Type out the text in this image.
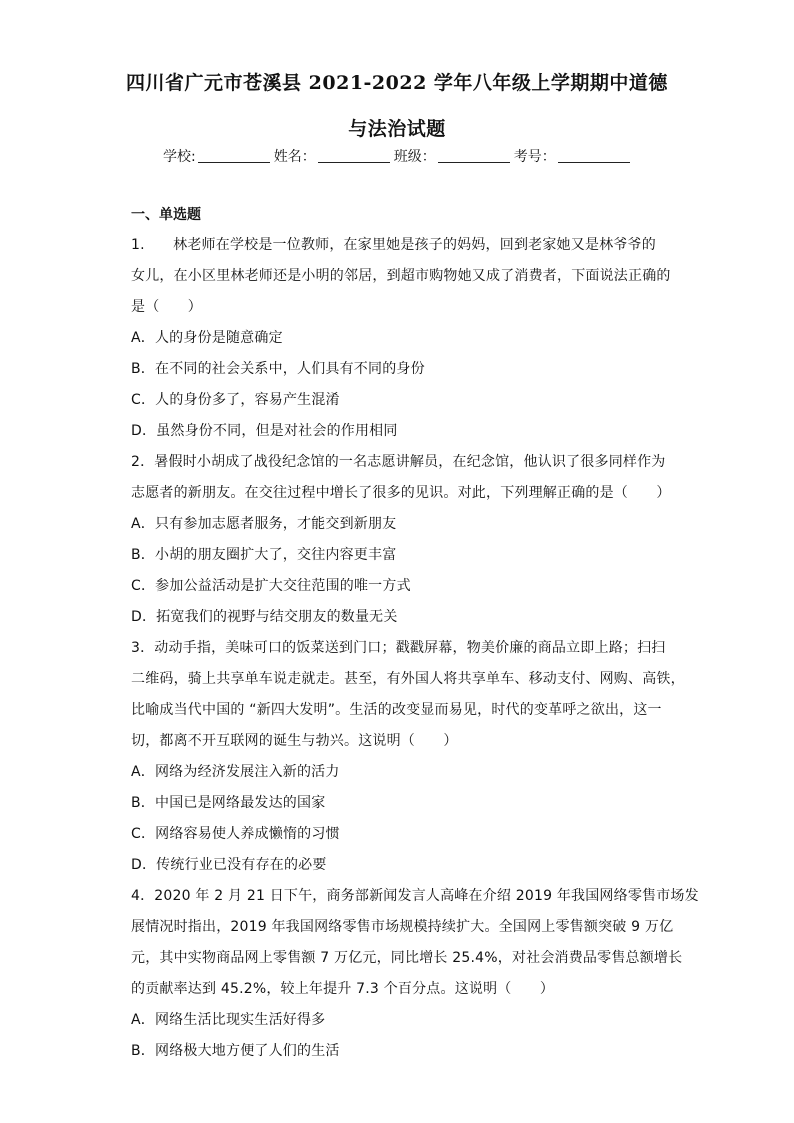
四川省广元市苍溪县 2021-2022 学年八年级上学期期中道德
与法治试题
学校:	姓名：	班级：	考号：
一、单选题
1.　　林老师在学校是一位教师，在家里她是孩子的妈妈，回到老家她又是林爷爷的
女儿，在小区里林老师还是小明的邻居，到超市购物她又成了消费者，下面说法正确的
是（　　）
A．人的身份是随意确定
B．在不同的社会关系中，人们具有不同的身份
C．人的身份多了，容易产生混淆
D．虽然身份不同，但是对社会的作用相同
2．暑假时小胡成了战役纪念馆的一名志愿讲解员，在纪念馆，他认识了很多同样作为
志愿者的新朋友。在交往过程中增长了很多的见识。对此，下列理解正确的是（　　）
A．只有参加志愿者服务，才能交到新朋友
B．小胡的朋友圈扩大了，交往内容更丰富
C．参加公益活动是扩大交往范围的唯一方式
D．拓宽我们的视野与结交朋友的数量无关
3．动动手指，美味可口的饭菜送到门口；戳戳屏幕，物美价廉的商品立即上路；扫扫
二维码，骑上共享单车说走就走。甚至，有外国人将共享单车、移动支付、网购、高铁，
比喻成当代中国的 “新四大发明”。生活的改变显而易见，时代的变革呼之欲出，这一
切，都离不开互联网的诞生与勃兴。这说明（　　）
A．网络为经济发展注入新的活力
B．中国已是网络最发达的国家
C．网络容易使人养成懒惰的习惯
D．传统行业已没有存在的必要
4．2020 年 2 月 21 日下午，商务部新闻发言人高峰在介绍 2019 年我国网络零售市场发
展情况时指出，2019 年我国网络零售市场规模持续扩大。全国网上零售额突破 9 万亿
元，其中实物商品网上零售额 7 万亿元，同比增长 25.4%，对社会消费品零售总额增长
的贡献率达到 45.2%，较上年提升 7.3 个百分点。这说明（　　）
A．网络生活比现实生活好得多
B．网络极大地方便了人们的生活
